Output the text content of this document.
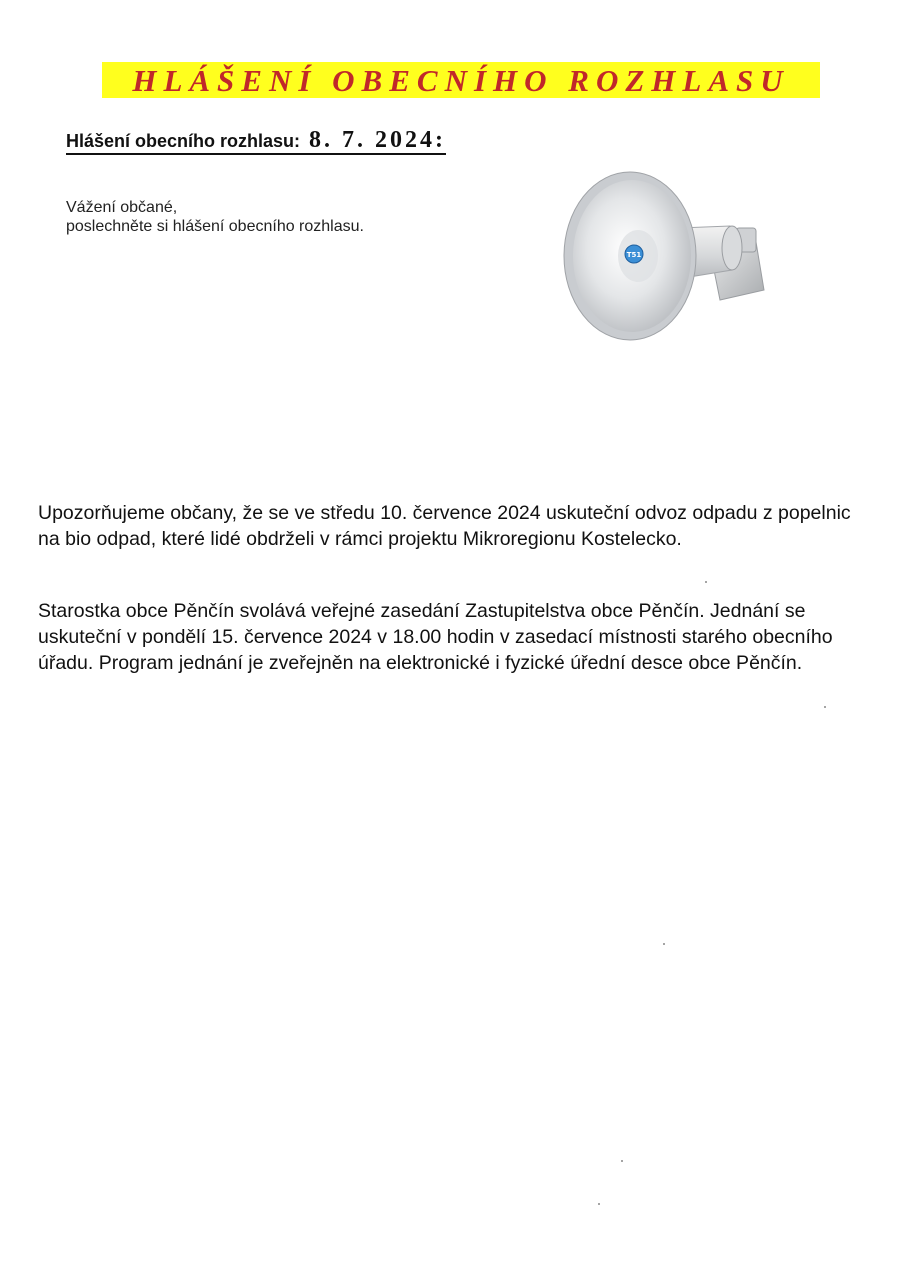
HLÁŠENÍ OBECNÍHO ROZHLASU
Hlášení obecního rozhlasu: 8. 7. 2024:
Vážení občané,
poslechněte si hlášení obecního rozhlasu.
T51
Upozorňujeme občany, že se ve středu 10. července 2024 uskuteční odvoz odpadu z popelnic na bio odpad, které lidé obdrželi v rámci projektu Mikroregionu Kostelecko.
Starostka obce Pěnčín svolává veřejné zasedání Zastupitelstva obce Pěnčín. Jednání se uskuteční v pondělí 15. července 2024 v 18.00 hodin v zasedací místnosti starého obecního úřadu. Program jednání je zveřejněn na elektronické i fyzické úřední desce obce Pěnčín.
